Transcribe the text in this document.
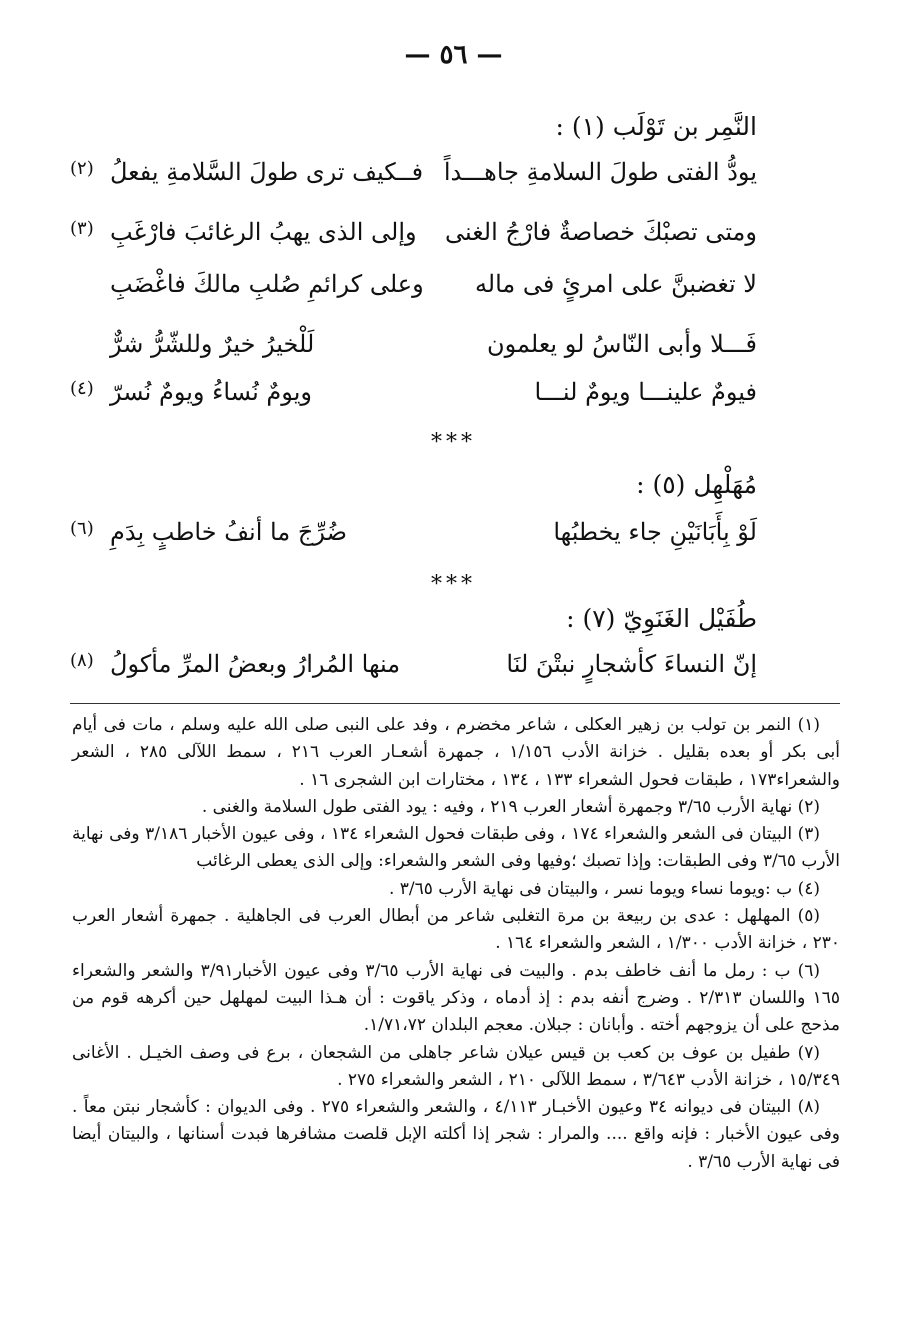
— ٥٦ —
النَّمِر بن تَوْلَب (١) :
يودُّ الفتى طولَ السلامةِ جاهـــداً
فــكيف ترى طولَ السَّلامةِ يفعلُ
(٢)
ومتى تصبْكَ خصاصةٌ فارْجُ الغنى
وإلى الذى يهبُ الرغائبَ فارْغَبِ
(٣)
لا تغضبنَّ على امرئٍ فى ماله
وعلى كرائمِ صُلبِ مالكَ فاغْضَبِ
فَـــلا وأبى النّاسُ لو يعلمون
لَلْخيرُ خيرٌ وللشّرُّ شرٌّ
فيومٌ علينـــا ويومٌ لنـــا
ويومٌ نُساءُ ويومٌ نُسرّ
(٤)
***
مُهَلْهِل (٥) :
لَوْ بِأَبَانَيْنِ جاء يخطبُها
ضُرِّجَ ما أنفُ خاطبٍ بِدَمِ
(٦)
***
طُفَيْل الغَنَوِيّ (٧) :
إنّ النساءَ كأشجارٍ نبتْنَ لنَا
منها المُرارُ وبعضُ المرِّ مأكولُ
(٨)

(١) النمر بن تولب بن زهير العكلى ، شاعر مخضرم ، وفد على النبى صلى الله عليه وسلم ، مات فى أيام أبى بكر أو بعده بقليل . خزانة الأدب ١/١٥٦ ، جمهرة أشعـار العرب ٢١٦ ، سمط اللآلى ٢٨٥ ، الشعر والشعراء١٧٣ ، طبقات فحول الشعراء ١٣٣ ، ١٣٤ ، مختارات ابن الشجرى ١٦ .

(٢) نهاية الأرب ٣/٦٥ وجمهرة أشعار العرب ٢١٩ ، وفيه : يود الفتى طول السلامة والغنى .

(٣) البيتان فى الشعر والشعراء ١٧٤ ، وفى طبقات فحول الشعراء ١٣٤ ، وفى عيون الأخبار ٣/١٨٦ وفى نهاية الأرب ٣/٦٥ وفى الطبقات: وإذا تصبك ؛وفيها وفى الشعر والشعراء: وإلى الذى يعطى الرغائب

(٤) ب :ويوما نساء ويوما نسر ، والبيتان فى نهاية الأرب ٣/٦٥ .

(٥) المهلهل : عدى بن ربيعة بن مرة التغلبى شاعر من أبطال العرب فى الجاهلية . جمهرة أشعار العرب ٢٣٠ ، خزانة الأدب ١/٣٠٠ ، الشعر والشعراء ١٦٤ .

(٦) ب : رمل ما أنف خاطف بدم . والبيت فى نهاية الأرب ٣/٦٥ وفى عيون الأخبار٣/٩١ والشعر والشعراء ١٦٥ واللسان ٢/٣١٣ . وضرج أنفه بدم : إذ أدماه ، وذكر ياقوت : أن هـذا البيت لمهلهل حين أكرهه قوم من مذحج على أن يزوجهم أخته . وأبانان : جبلان. معجم البلدان ١/٧١،٧٢.

(٧) طفيل بن عوف بن كعب بن قيس عيلان شاعر جاهلى من الشجعان ، برع فى وصف الخيـل . الأغانى ١٥/٣٤٩ ، خزانة الأدب ٣/٦٤٣ ، سمط اللآلى ٢١٠ ، الشعر والشعراء ٢٧٥ .

(٨) البيتان فى ديوانه ٣٤ وعيون الأخبـار ٤/١١٣ ، والشعر والشعراء ٢٧٥ . وفى الديوان : كأشجار نبتن معاً . وفى عيون الأخبار : فإنه واقع .... والمرار : شجر إذا أكلته الإبل قلصت مشافرها فبدت أسنانها ، والبيتان أيضا فى نهاية الأرب ٣/٦٥ .
